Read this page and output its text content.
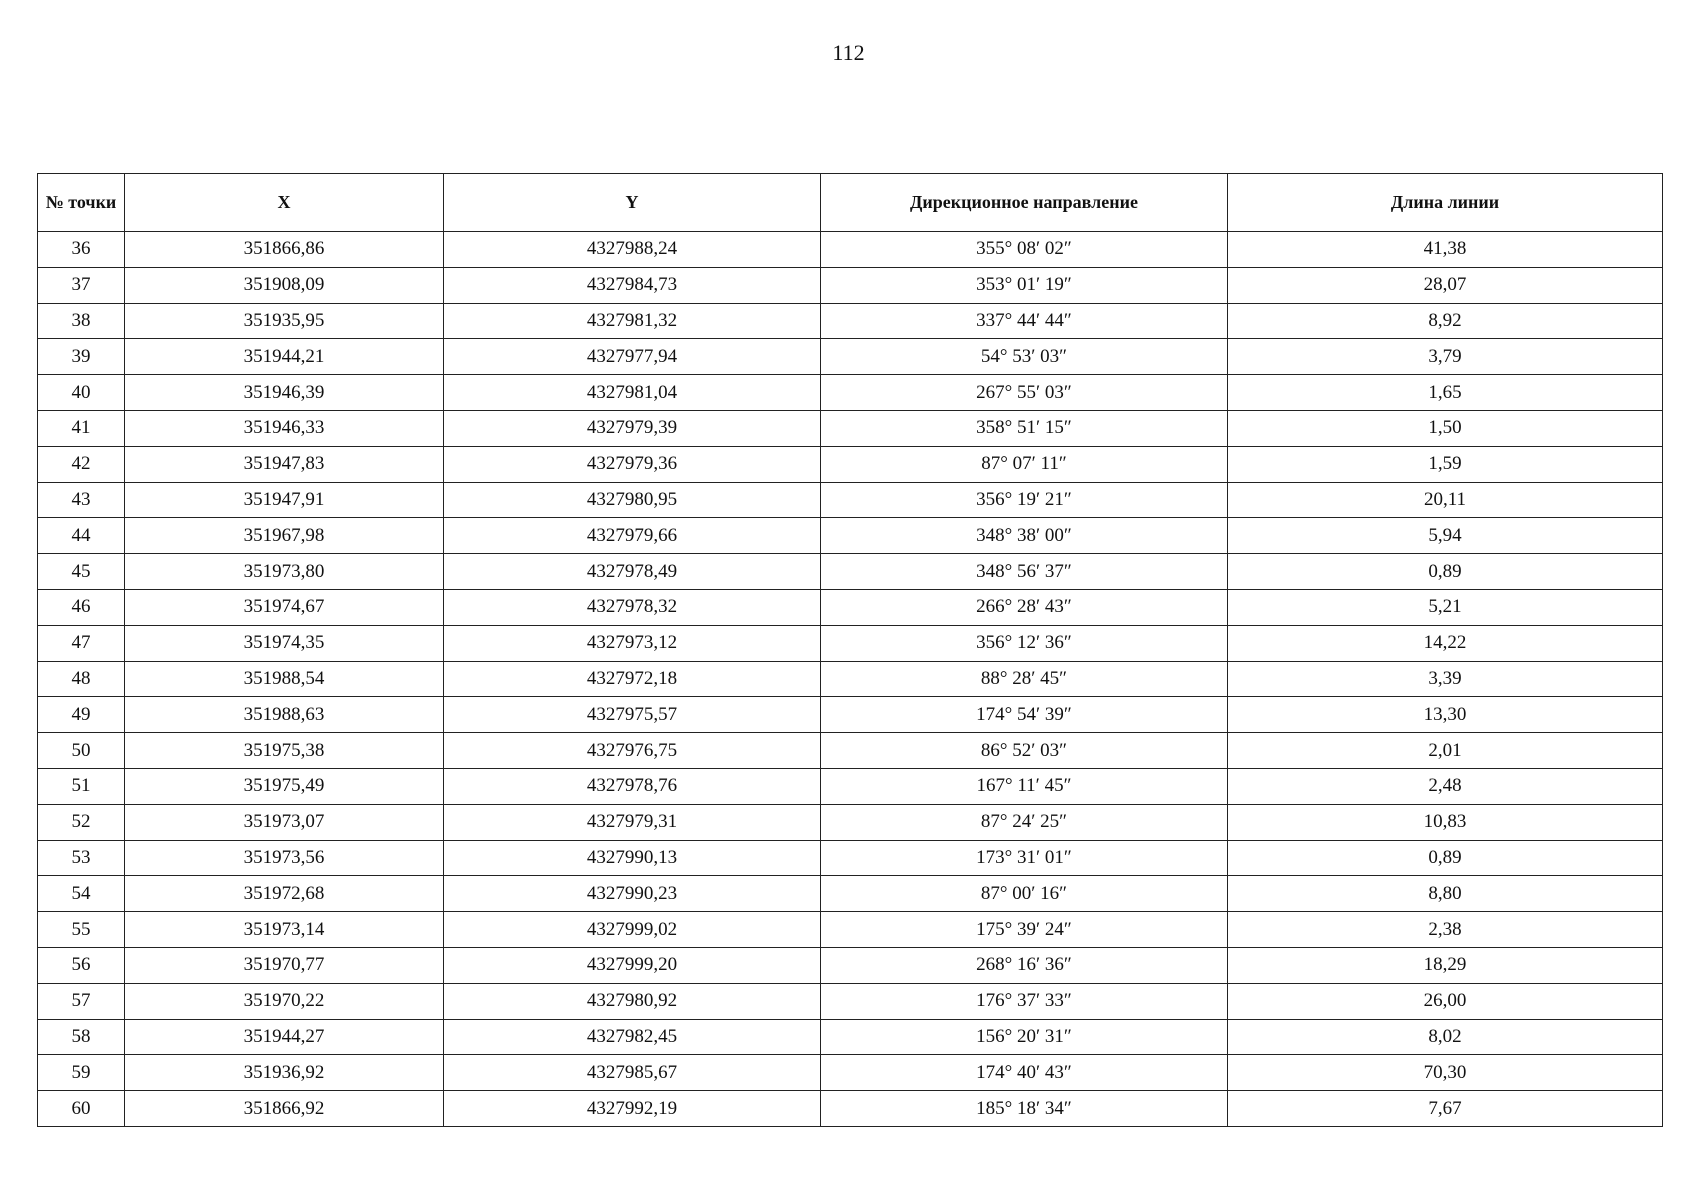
112
№ точки	X	Y	Дирекционное направление	Длина линии
36	351866,86	4327988,24	355° 08′ 02″	41,38
37	351908,09	4327984,73	353° 01′ 19″	28,07
38	351935,95	4327981,32	337° 44′ 44″	8,92
39	351944,21	4327977,94	54° 53′ 03″	3,79
40	351946,39	4327981,04	267° 55′ 03″	1,65
41	351946,33	4327979,39	358° 51′ 15″	1,50
42	351947,83	4327979,36	87° 07′ 11″	1,59
43	351947,91	4327980,95	356° 19′ 21″	20,11
44	351967,98	4327979,66	348° 38′ 00″	5,94
45	351973,80	4327978,49	348° 56′ 37″	0,89
46	351974,67	4327978,32	266° 28′ 43″	5,21
47	351974,35	4327973,12	356° 12′ 36″	14,22
48	351988,54	4327972,18	88° 28′ 45″	3,39
49	351988,63	4327975,57	174° 54′ 39″	13,30
50	351975,38	4327976,75	86° 52′ 03″	2,01
51	351975,49	4327978,76	167° 11′ 45″	2,48
52	351973,07	4327979,31	87° 24′ 25″	10,83
53	351973,56	4327990,13	173° 31′ 01″	0,89
54	351972,68	4327990,23	87° 00′ 16″	8,80
55	351973,14	4327999,02	175° 39′ 24″	2,38
56	351970,77	4327999,20	268° 16′ 36″	18,29
57	351970,22	4327980,92	176° 37′ 33″	26,00
58	351944,27	4327982,45	156° 20′ 31″	8,02
59	351936,92	4327985,67	174° 40′ 43″	70,30
60	351866,92	4327992,19	185° 18′ 34″	7,67
